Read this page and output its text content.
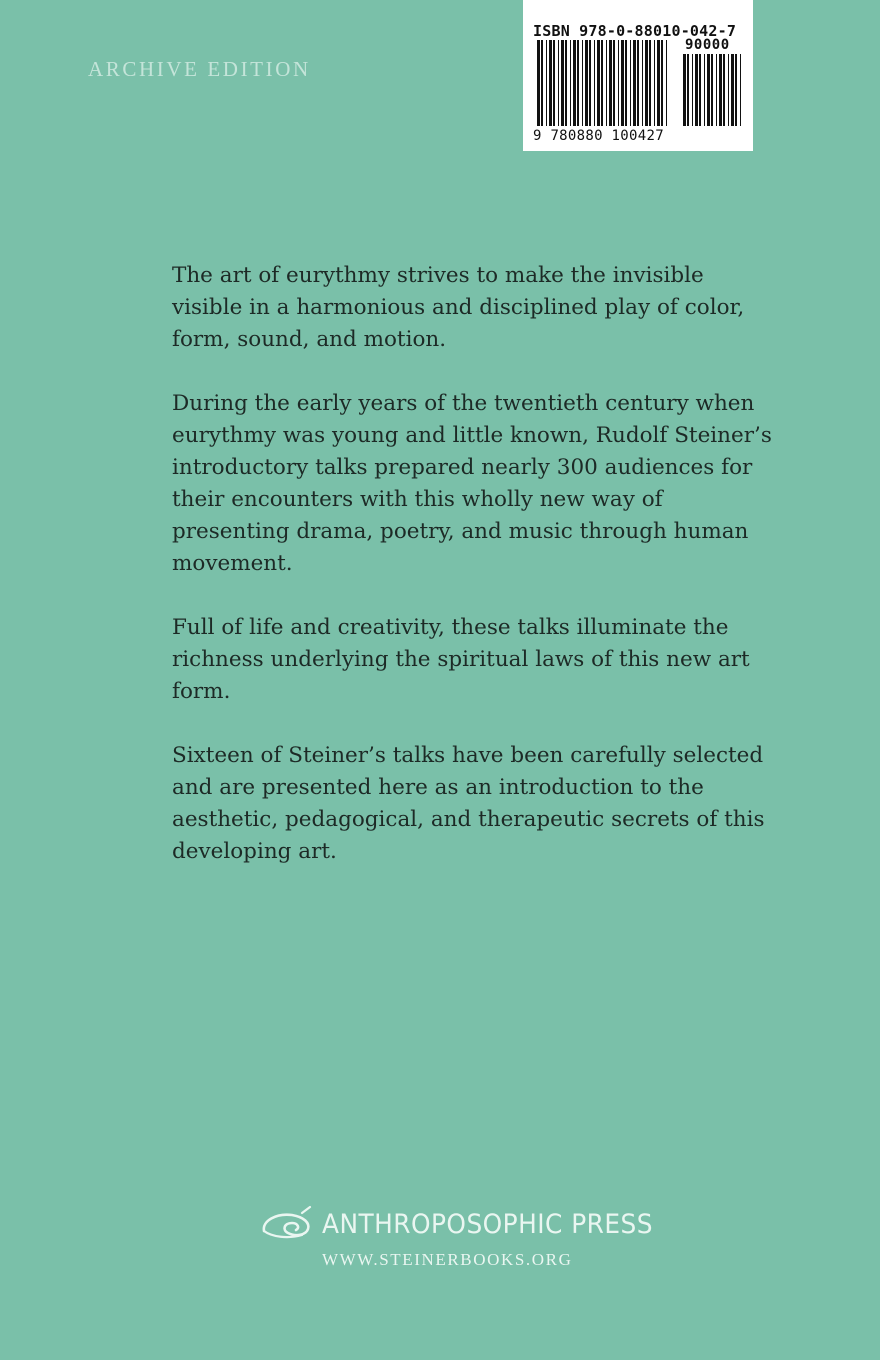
ARCHIVE EDITION
ISBN 978-0-88010-042-7
90000
9 780880 100427

The art of eurythmy strives to make the invisible visible in a harmonious and disciplined play of color, form, sound, and motion.

During the early years of the twentieth century when eurythmy was young and little known, Rudolf Steiner’s introductory talks prepared nearly 300 audiences for their encounters with this wholly new way of presenting drama, poetry, and music through human movement.

Full of life and creativity, these talks illuminate the richness underlying the spiritual laws of this new art form.

Sixteen of Steiner’s talks have been carefully selected and are presented here as an introduction to the aesthetic, pedagogical, and therapeutic secrets of this developing art.

ANTHROPOSOPHIC PRESS
WWW.STEINERBOOKS.ORG
